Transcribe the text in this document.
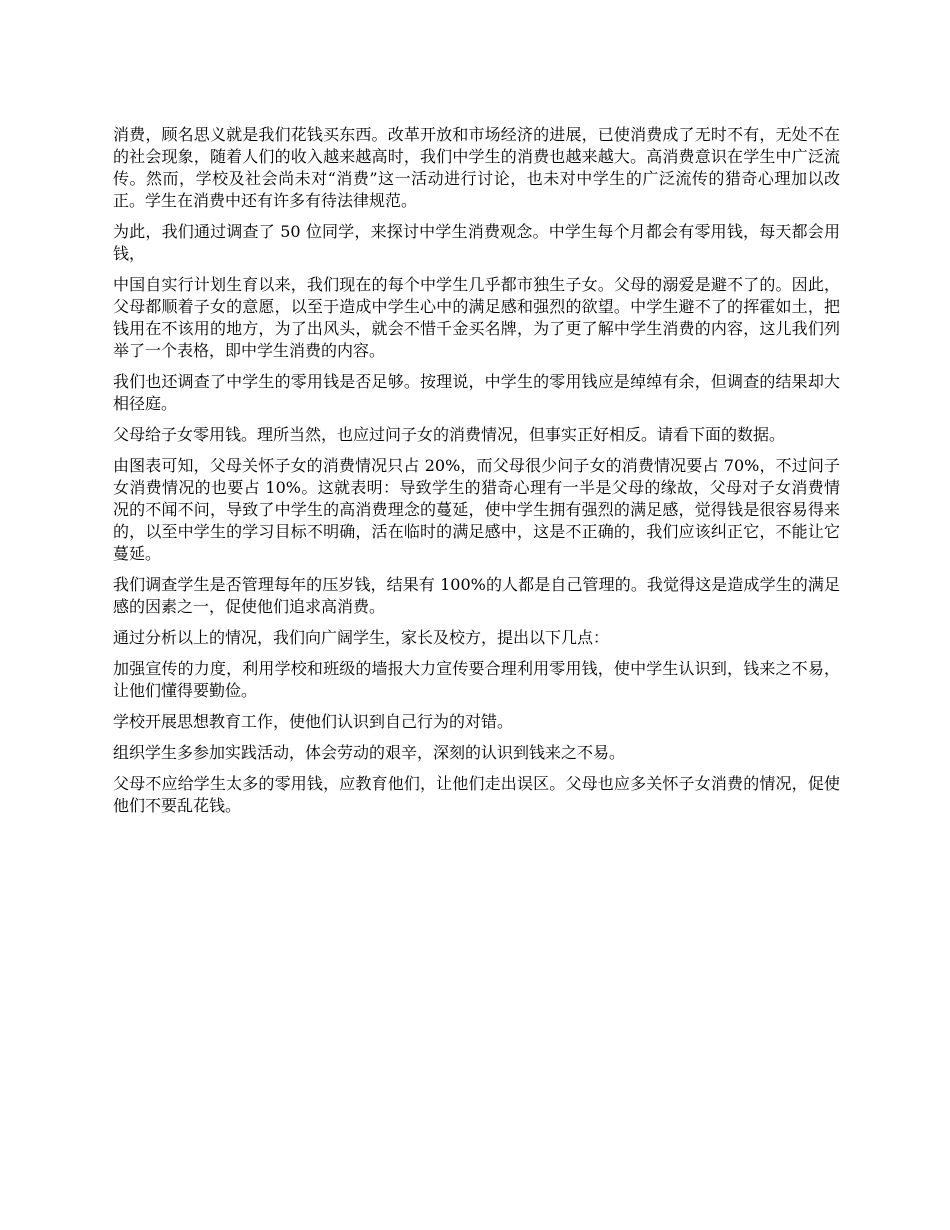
消费，顾名思义就是我们花钱买东西。改革开放和市场经济的进展，已使消费成了无时不有，无处不在的社会现象，随着人们的收入越来越高时，我们中学生的消费也越来越大。高消费意识在学生中广泛流传。然而，学校及社会尚未对“消费”这一活动进行讨论，也未对中学生的广泛流传的猎奇心理加以改正。学生在消费中还有许多有待法律规范。

为此，我们通过调查了 50 位同学，来探讨中学生消费观念。中学生每个月都会有零用钱，每天都会用钱，

中国自实行计划生育以来，我们现在的每个中学生几乎都市独生子女。父母的溺爱是避不了的。因此，父母都顺着子女的意愿，以至于造成中学生心中的满足感和强烈的欲望。中学生避不了的挥霍如土，把钱用在不该用的地方，为了出风头，就会不惜千金买名牌，为了更了解中学生消费的内容，这儿我们列举了一个表格，即中学生消费的内容。

我们也还调查了中学生的零用钱是否足够。按理说，中学生的零用钱应是绰绰有余，但调查的结果却大相径庭。

父母给子女零用钱。理所当然，也应过问子女的消费情况，但事实正好相反。请看下面的数据。

由图表可知，父母关怀子女的消费情况只占 20%，而父母很少问子女的消费情况要占 70%，不过问子女消费情况的也要占 10%。这就表明：导致学生的猎奇心理有一半是父母的缘故，父母对子女消费情况的不闻不问，导致了中学生的高消费理念的蔓延，使中学生拥有强烈的满足感，觉得钱是很容易得来的，以至中学生的学习目标不明确，活在临时的满足感中，这是不正确的，我们应该纠正它，不能让它蔓延。

我们调查学生是否管理每年的压岁钱，结果有 100%的人都是自己管理的。我觉得这是造成学生的满足感的因素之一，促使他们追求高消费。

通过分析以上的情况，我们向广阔学生，家长及校方，提出以下几点：

加强宣传的力度，利用学校和班级的墙报大力宣传要合理利用零用钱，使中学生认识到，钱来之不易，让他们懂得要勤俭。

学校开展思想教育工作，使他们认识到自己行为的对错。

组织学生多参加实践活动，体会劳动的艰辛，深刻的认识到钱来之不易。

父母不应给学生太多的零用钱，应教育他们，让他们走出误区。父母也应多关怀子女消费的情况，促使他们不要乱花钱。
